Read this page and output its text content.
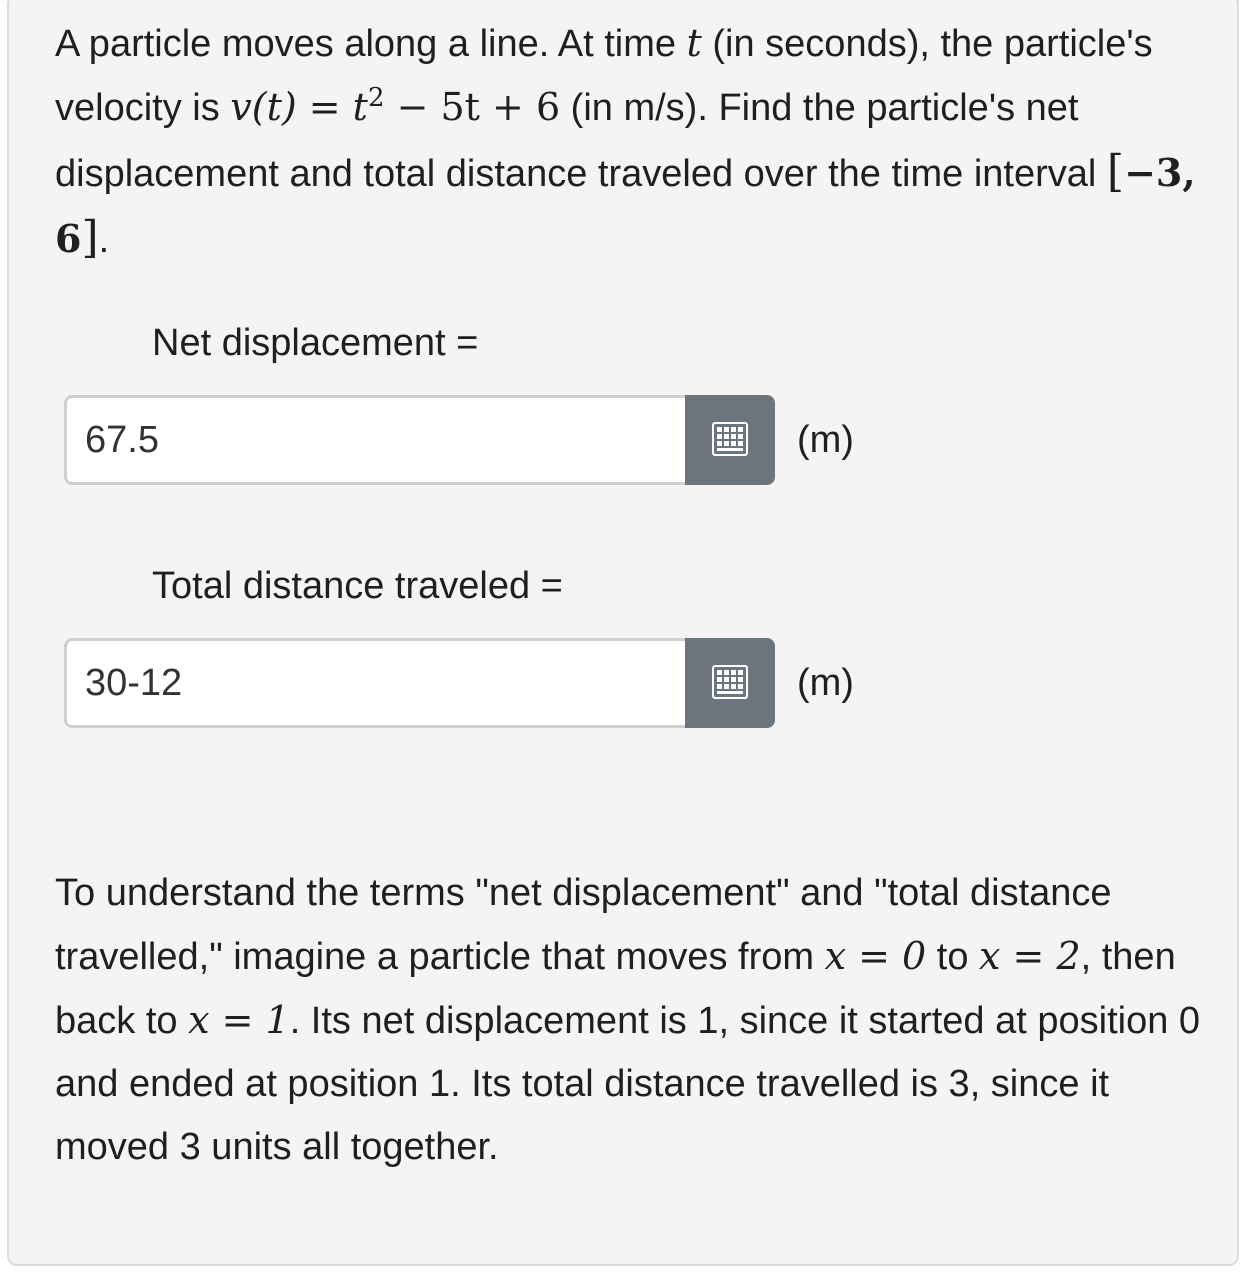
A particle moves along a line. At time t (in seconds), the particle's velocity is $v(t) = t^2 - 5t + 6$ (in m/s). Find the particle's net displacement and total distance traveled over the time interval [−3, 6].

Net displacement =
67.5
(m)
Total distance traveled =
30-12
(m)

To understand the terms "net displacement" and "total distance travelled," imagine a particle that moves from x = 0 to x = 2, then back to x = 1. Its net displacement is 1, since it started at position 0 and ended at position 1. Its total distance travelled is 3, since it moved 3 units all together.
